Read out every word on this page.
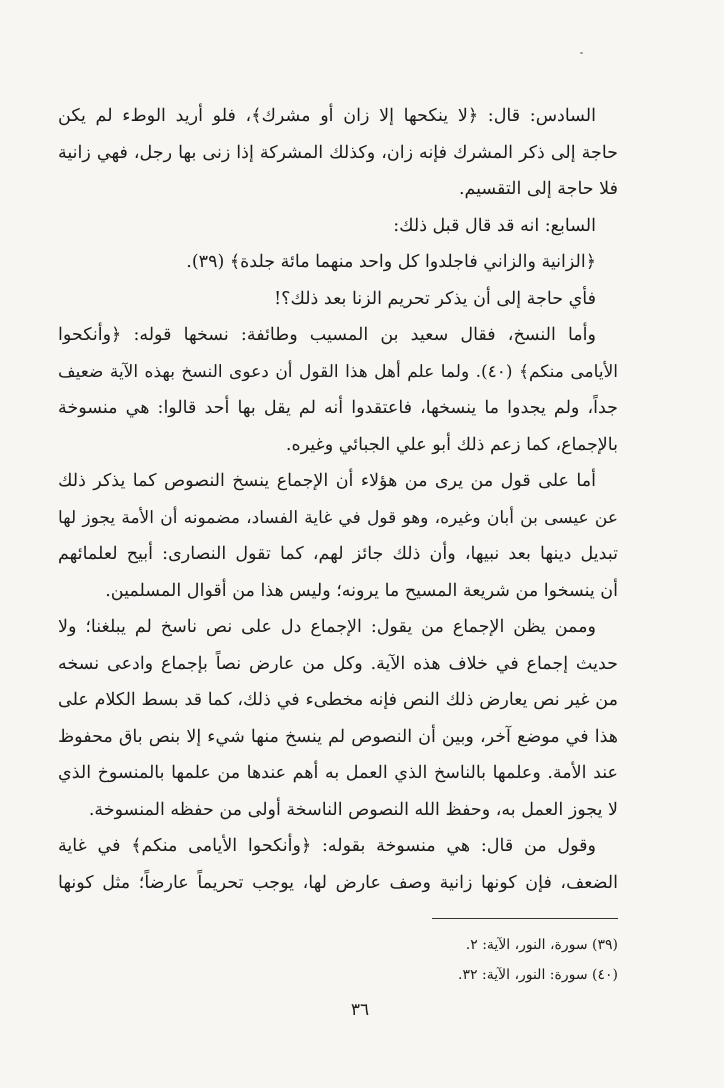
السادس: قال: ﴿لا ينكحها إلا زان أو مشرك﴾، فلو أريد الوطء لم يكن
حاجة إلى ذكر المشرك فإنه زان، وكذلك المشركة إذا زنى بها رجل، فهي زانية
فلا حاجة إلى التقسيم.
السابع: انه قد قال قبل ذلك:
﴿الزانية والزاني فاجلدوا كل واحد منهما مائة جلدة﴾ (٣٩).
فأي حاجة إلى أن يذكر تحريم الزنا بعد ذلك؟!
وأما النسخ، فقال سعيد بن المسيب وطائفة: نسخها قوله: ﴿وأنكحوا
الأيامى منكم﴾ (٤٠). ولما علم أهل هذا القول أن دعوى النسخ بهذه الآية ضعيف
جداً، ولم يجدوا ما ينسخها، فاعتقدوا أنه لم يقل بها أحد قالوا: هي منسوخة
بالإجماع، كما زعم ذلك أبو علي الجبائي وغيره.
أما على قول من يرى من هؤلاء أن الإجماع ينسخ النصوص كما يذكر ذلك
عن عيسى بن أبان وغيره، وهو قول في غاية الفساد، مضمونه أن الأمة يجوز لها
تبديل دينها بعد نبيها، وأن ذلك جائز لهم، كما تقول النصارى: أبيح لعلمائهم
أن ينسخوا من شريعة المسيح ما يرونه؛ وليس هذا من أقوال المسلمين.
وممن يظن الإجماع من يقول: الإجماع دل على نص ناسخ لم يبلغنا؛ ولا
حديث إجماع في خلاف هذه الآية. وكل من عارض نصاً بإجماع وادعى نسخه
من غير نص يعارض ذلك النص فإنه مخطىء في ذلك، كما قد بسط الكلام على
هذا في موضع آخر، وبين أن النصوص لم ينسخ منها شيء إلا بنص باق محفوظ
عند الأمة. وعلمها بالناسخ الذي العمل به أهم عندها من علمها بالمنسوخ الذي
لا يجوز العمل به، وحفظ الله النصوص الناسخة أولى من حفظه المنسوخة.
وقول من قال: هي منسوخة بقوله: ﴿وأنكحوا الأيامى منكم﴾ في غاية
الضعف، فإن كونها زانية وصف عارض لها، يوجب تحريماً عارضاً؛ مثل كونها
(٣٩) سورة، النور، الآية: ٢.
(٤٠) سورة: النور، الآية: ٣٢.
٣٦
